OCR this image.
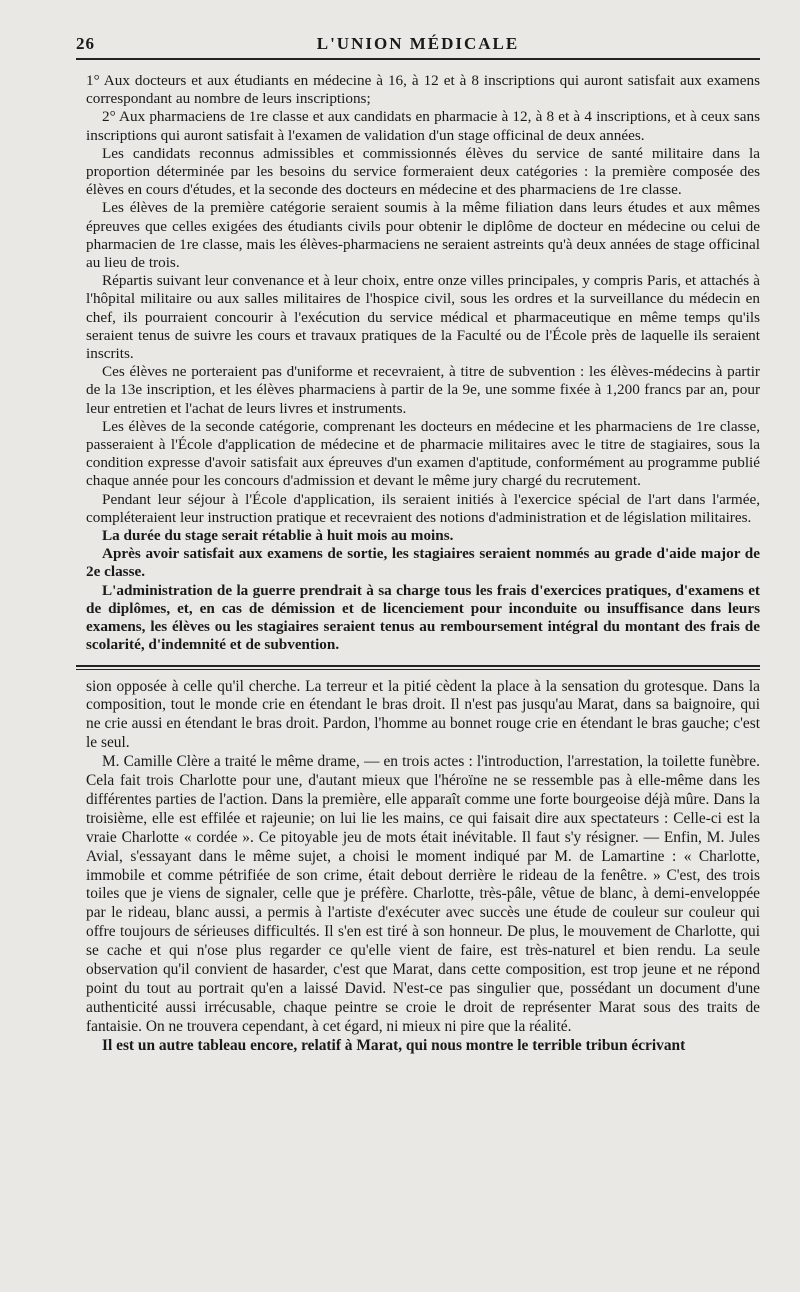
26	L'UNION MÉDICALE

1° Aux docteurs et aux étudiants en médecine à 16, à 12 et à 8 inscriptions qui auront satisfait aux examens correspondant au nombre de leurs inscriptions;

2° Aux pharmaciens de 1re classe et aux candidats en pharmacie à 12, à 8 et à 4 inscriptions, et à ceux sans inscriptions qui auront satisfait à l'examen de validation d'un stage officinal de deux années.

Les candidats reconnus admissibles et commissionnés élèves du service de santé militaire dans la proportion déterminée par les besoins du service formeraient deux catégories : la première composée des élèves en cours d'études, et la seconde des docteurs en médecine et des pharmaciens de 1re classe.

Les élèves de la première catégorie seraient soumis à la même filiation dans leurs études et aux mêmes épreuves que celles exigées des étudiants civils pour obtenir le diplôme de docteur en médecine ou celui de pharmacien de 1re classe, mais les élèves-pharmaciens ne seraient astreints qu'à deux années de stage officinal au lieu de trois.

Répartis suivant leur convenance et à leur choix, entre onze villes principales, y compris Paris, et attachés à l'hôpital militaire ou aux salles militaires de l'hospice civil, sous les ordres et la surveillance du médecin en chef, ils pourraient concourir à l'exécution du service médical et pharmaceutique en même temps qu'ils seraient tenus de suivre les cours et travaux pratiques de la Faculté ou de l'École près de laquelle ils seraient inscrits.

Ces élèves ne porteraient pas d'uniforme et recevraient, à titre de subvention : les élèves-médecins à partir de la 13e inscription, et les élèves pharmaciens à partir de la 9e, une somme fixée à 1,200 francs par an, pour leur entretien et l'achat de leurs livres et instruments.

Les élèves de la seconde catégorie, comprenant les docteurs en médecine et les pharmaciens de 1re classe, passeraient à l'École d'application de médecine et de pharmacie militaires avec le titre de stagiaires, sous la condition expresse d'avoir satisfait aux épreuves d'un examen d'aptitude, conformément au programme publié chaque année pour les concours d'admission et devant le même jury chargé du recrutement.

Pendant leur séjour à l'École d'application, ils seraient initiés à l'exercice spécial de l'art dans l'armée, compléteraient leur instruction pratique et recevraient des notions d'administration et de législation militaires.

La durée du stage serait rétablie à huit mois au moins.

Après avoir satisfait aux examens de sortie, les stagiaires seraient nommés au grade d'aide major de 2e classe.

L'administration de la guerre prendrait à sa charge tous les frais d'exercices pratiques, d'examens et de diplômes, et, en cas de démission et de licenciement pour inconduite ou insuffisance dans leurs examens, les élèves ou les stagiaires seraient tenus au remboursement intégral du montant des frais de scolarité, d'indemnité et de subvention.

sion opposée à celle qu'il cherche. La terreur et la pitié cèdent la place à la sensation du grotesque. Dans la composition, tout le monde crie en étendant le bras droit. Il n'est pas jusqu'au Marat, dans sa baignoire, qui ne crie aussi en étendant le bras droit. Pardon, l'homme au bonnet rouge crie en étendant le bras gauche; c'est le seul.

M. Camille Clère a traité le même drame, — en trois actes : l'introduction, l'arrestation, la toilette funèbre. Cela fait trois Charlotte pour une, d'autant mieux que l'héroïne ne se ressemble pas à elle-même dans les différentes parties de l'action. Dans la première, elle apparaît comme une forte bourgeoise déjà mûre. Dans la troisième, elle est effilée et rajeunie; on lui lie les mains, ce qui faisait dire aux spectateurs : Celle-ci est la vraie Charlotte « cordée ». Ce pitoyable jeu de mots était inévitable. Il faut s'y résigner. — Enfin, M. Jules Avial, s'essayant dans le même sujet, a choisi le moment indiqué par M. de Lamartine : « Charlotte, immobile et comme pétrifiée de son crime, était debout derrière le rideau de la fenêtre. » C'est, des trois toiles que je viens de signaler, celle que je préfère. Charlotte, très-pâle, vêtue de blanc, à demi-enveloppée par le rideau, blanc aussi, a permis à l'artiste d'exécuter avec succès une étude de couleur sur couleur qui offre toujours de sérieuses difficultés. Il s'en est tiré à son honneur. De plus, le mouvement de Charlotte, qui se cache et qui n'ose plus regarder ce qu'elle vient de faire, est très-naturel et bien rendu. La seule observation qu'il convient de hasarder, c'est que Marat, dans cette composition, est trop jeune et ne répond point du tout au portrait qu'en a laissé David. N'est-ce pas singulier que, possédant un document d'une authenticité aussi irrécusable, chaque peintre se croie le droit de représenter Marat sous des traits de fantaisie. On ne trouvera cependant, à cet égard, ni mieux ni pire que la réalité.

Il est un autre tableau encore, relatif à Marat, qui nous montre le terrible tribun écrivant
